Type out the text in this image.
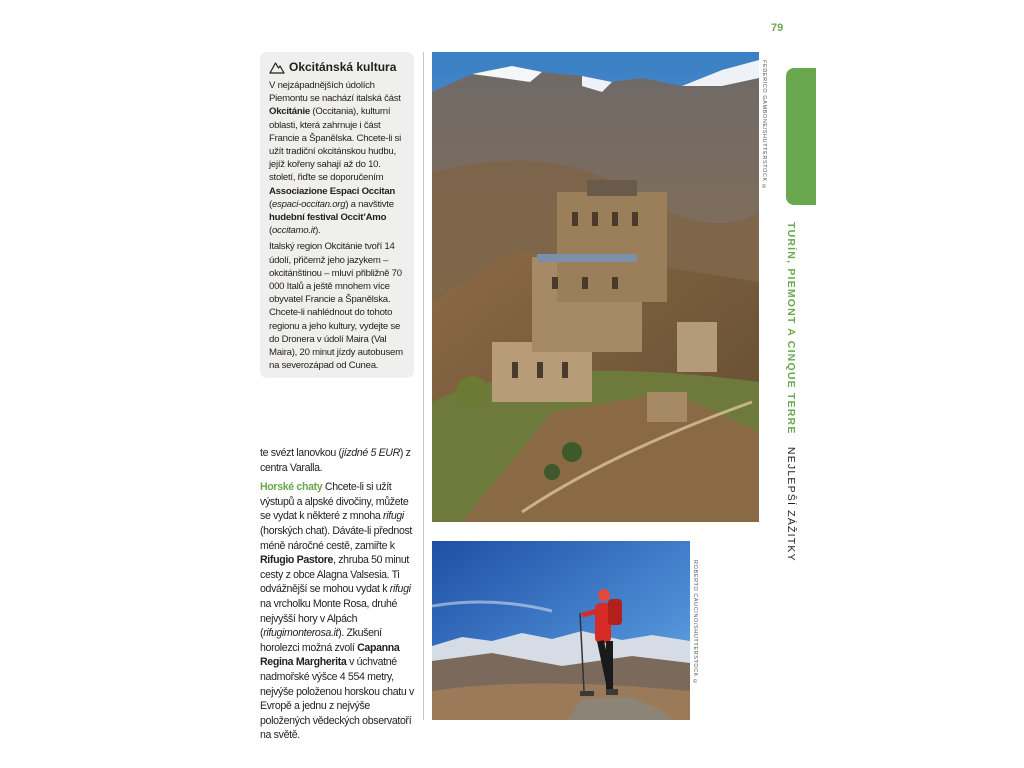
79
TURÍN, PIEMONT A CINQUE TERRE   NEJLEPŠÍ ZÁŽITKY
Okcitánská kultura

V nejzápadnějších údolích Piemontu se nachází italská část Okcitánie (Occitania), kulturní oblasti, která zahrnuje i část Francie a Španělska. Chcete-li si užít tradiční okcitánskou hudbu, jejíž kořeny sahají až do 10. století, řiďte se doporučením Associazione Espaci Occitan (espaci-occitan.org) a navštivte hudební festival Occit’Amo (occitamo.it).

Italský region Okcitánie tvoří 14 údolí, přičemž jeho jazykem – okcitánštinou – mluví přibližně 70 000 Italů a ještě mnohem více obyvatel Francie a Španělska. Chcete-li nahlédnout do tohoto regionu a jeho kultury, vydejte se do Dronera v údolí Maira (Val Maira), 20 minut jízdy autobusem na severozápad od Cunea.

te svézt lanovkou (jízdné 5 EUR) z centra Varalla.

Horské chaty Chcete-li si užít výstupů a alpské divočiny, můžete se vydat k některé z mnoha rifugi (horských chat). Dáváte-li přednost méně náročné cestě, zamiřte k Rifugio Pastore, zhruba 50 minut cesty z obce Alagna Valsesia. Ti odvážnější se mohou vydat k rifugi na vrcholku Monte Rosa, druhé nejvyšší hory v Alpách (rifugimonterosa.it). Zkušení horolezci možná zvolí Capanna Regina Margherita v úchvatné nadmořské výšce 4 554 metry, nejvýše položenou horskou chatu v Evropě a jednu z nejvýše položených vědeckých observatoří na světě.

FEDERICO GAMBONE/SHUTTERSTOCK ©
ROBERTO CAUCINO/SHUTTERSTOCK ©
